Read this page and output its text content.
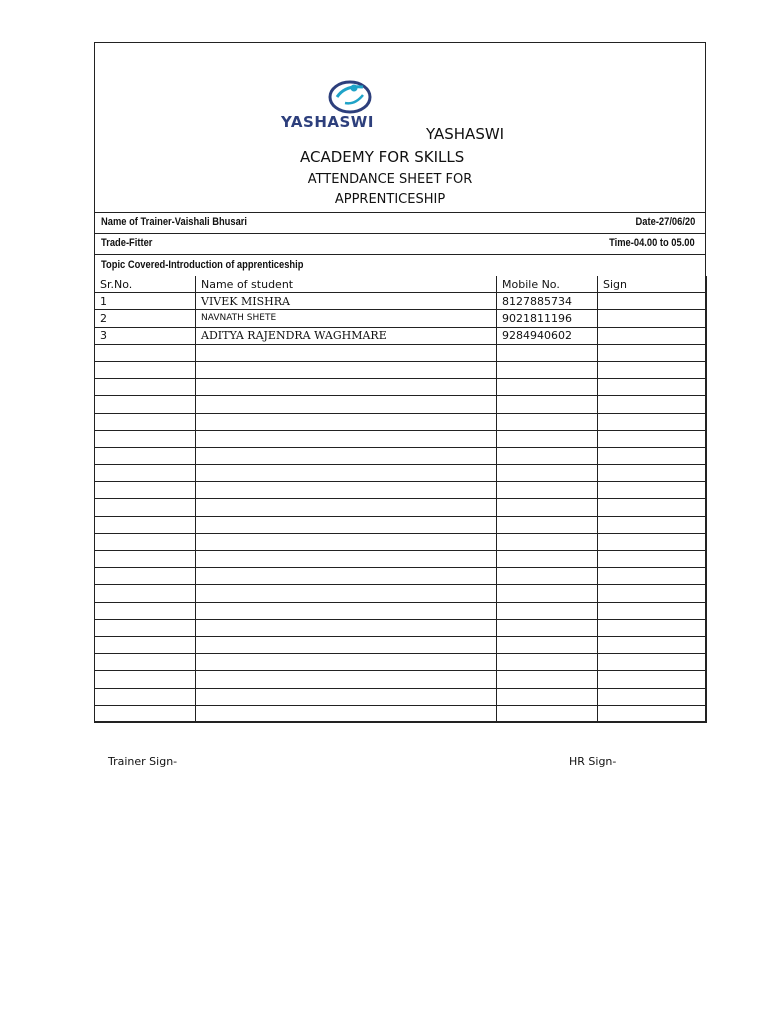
YASHASWI
YASHASWI
ACADEMY FOR SKILLS
ATTENDANCE SHEET FOR
APPRENTICESHIP
Name of Trainer-Vaishali Bhusari	Date-27/06/20
Trade-Fitter	Time-04.00 to 05.00
Topic Covered-Introduction of apprenticeship
Sr.No.	Name of student	Mobile No.	Sign
1	VIVEK MISHRA	8127885734	
2	NAVNATH SHETE	9021811196	
3	ADITYA RAJENDRA WAGHMARE	9284940602	

Trainer Sign-	HR Sign-
